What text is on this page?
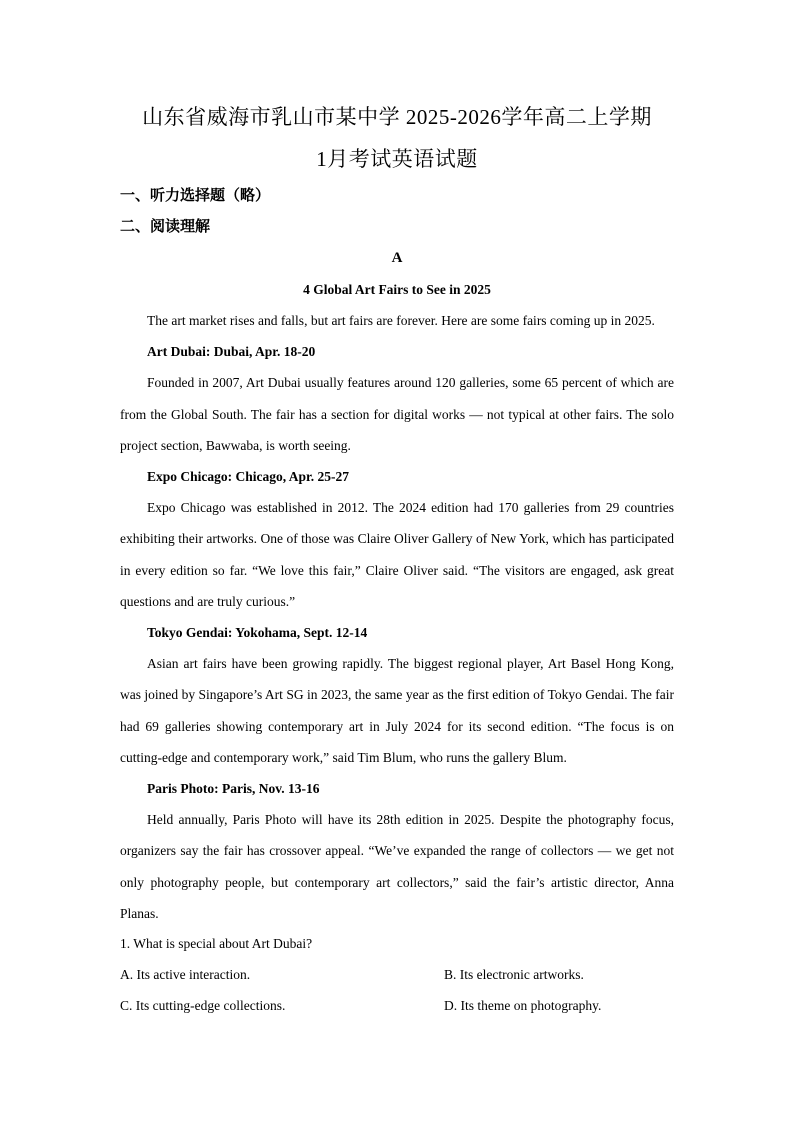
山东省威海市乳山市某中学 2025-2026学年高二上学期
1月考试英语试题
一、听力选择题（略）
二、阅读理解
A
4 Global Art Fairs to See in 2025

The art market rises and falls, but art fairs are forever. Here are some fairs coming up in 2025.

Art Dubai: Dubai, Apr. 18-20

Founded in 2007, Art Dubai usually features around 120 galleries, some 65 percent of which are from the Global South. The fair has a section for digital works — not typical at other fairs. The solo project section, Bawwaba, is worth seeing.

Expo Chicago: Chicago, Apr. 25-27

Expo Chicago was established in 2012. The 2024 edition had 170 galleries from 29 countries exhibiting their artworks. One of those was Claire Oliver Gallery of New York, which has participated in every edition so far. “We love this fair,” Claire Oliver said. “The visitors are engaged, ask great questions and are truly curious.”

Tokyo Gendai: Yokohama, Sept. 12-14

Asian art fairs have been growing rapidly. The biggest regional player, Art Basel Hong Kong, was joined by Singapore’s Art SG in 2023, the same year as the first edition of Tokyo Gendai. The fair had 69 galleries showing contemporary art in July 2024 for its second edition. “The focus is on cutting-edge and contemporary work,” said Tim Blum, who runs the gallery Blum.

Paris Photo: Paris, Nov. 13-16

Held annually, Paris Photo will have its 28th edition in 2025. Despite the photography focus, organizers say the fair has crossover appeal. “We’ve expanded the range of collectors — we get not only photography people, but contemporary art collectors,” said the fair’s artistic director, Anna Planas.

1. What is special about Art Dubai?
A. Its active interaction.	B. Its electronic artworks.
C. Its cutting-edge collections.	D. Its theme on photography.
